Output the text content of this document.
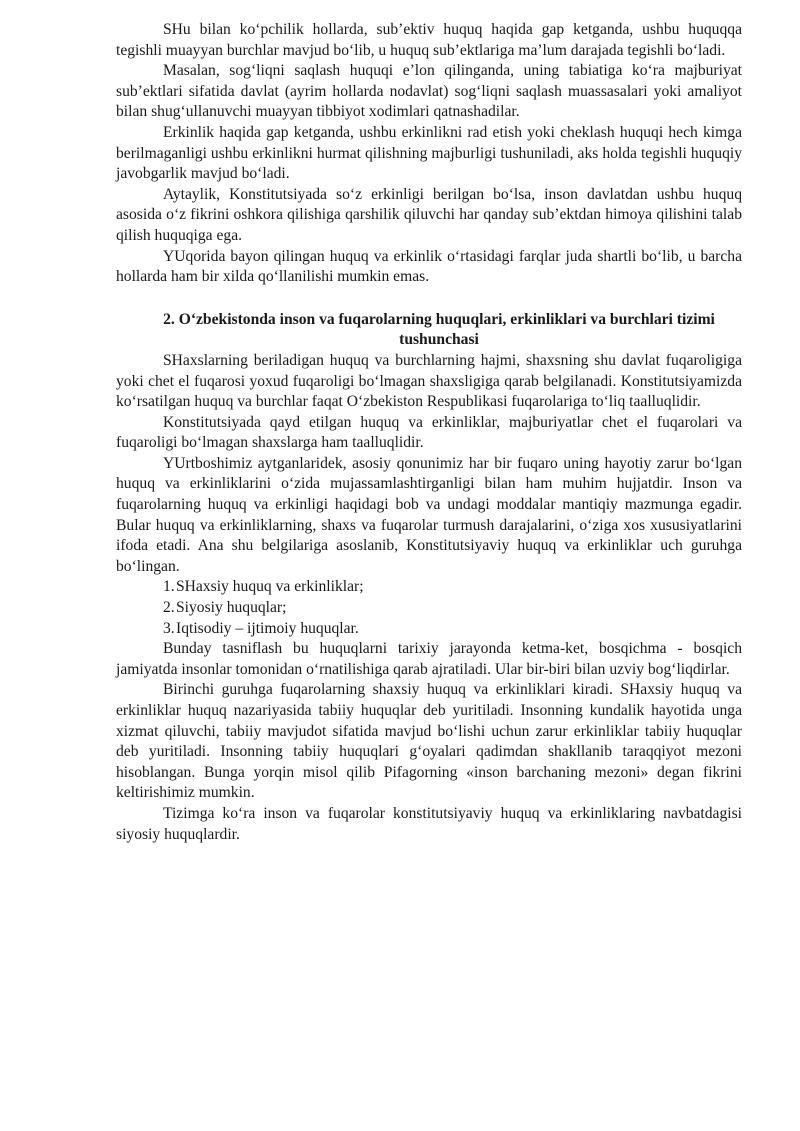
SHu bilan ko‘pchilik hollarda, sub’ektiv huquq haqida gap ketganda, ushbu huquqqa tegishli muayyan burchlar mavjud bo‘lib, u huquq sub’ektlariga ma’lum darajada tegishli bo‘ladi.

Masalan, sog‘liqni saqlash huquqi e’lon qilinganda, uning tabiatiga ko‘ra majburiyat sub’ektlari sifatida davlat (ayrim hollarda nodavlat) sog‘liqni saqlash muassasalari yoki amaliyot bilan shug‘ullanuvchi muayyan tibbiyot xodimlari qatnashadilar.

Erkinlik haqida gap ketganda, ushbu erkinlikni rad etish yoki cheklash huquqi hech kimga berilmaganligi ushbu erkinlikni hurmat qilishning majburligi tushuniladi, aks holda tegishli huquqiy javobgarlik mavjud bo‘ladi.

Aytaylik, Konstitutsiyada so‘z erkinligi berilgan bo‘lsa, inson davlatdan ushbu huquq asosida o‘z fikrini oshkora qilishiga qarshilik qiluvchi har qanday sub’ektdan himoya qilishini talab qilish huquqiga ega.

YUqorida bayon qilingan huquq va erkinlik o‘rtasidagi farqlar juda shartli bo‘lib, u barcha hollarda ham bir xilda qo‘llanilishi mumkin emas.

2. O‘zbekistonda inson va fuqarolarning huquqlari, erkinliklari va burchlari tizimi tushunchasi

SHaxslarning beriladigan huquq va burchlarning hajmi, shaxsning shu davlat fuqaroligiga yoki chet el fuqarosi yoxud fuqaroligi bo‘lmagan shaxsligiga qarab belgilanadi. Konstitutsiyamizda ko‘rsatilgan huquq va burchlar faqat O‘zbekiston Respublikasi fuqarolariga to‘liq taalluqlidir.

Konstitutsiyada qayd etilgan huquq va erkinliklar, majburiyatlar chet el fuqarolari va fuqaroligi bo‘lmagan shaxslarga ham taalluqlidir.

YUrtboshimiz aytganlaridek, asosiy qonunimiz har bir fuqaro uning hayotiy zarur bo‘lgan huquq va erkinliklarini o‘zida mujassamlashtirganligi bilan ham muhim hujjatdir. Inson va fuqarolarning huquq va erkinligi haqidagi bob va undagi moddalar mantiqiy mazmunga egadir. Bular huquq va erkinliklarning, shaxs va fuqarolar turmush darajalarini, o‘ziga xos xususiyatlarini ifoda etadi. Ana shu belgilariga asoslanib, Konstitutsiyaviy huquq va erkinliklar uch guruhga bo‘lingan.

1.SHaxsiy huquq va erkinliklar;
2.Siyosiy huquqlar;
3.Iqtisodiy – ijtimoiy huquqlar.

Bunday tasniflash bu huquqlarni tarixiy jarayonda ketma-ket, bosqichma - bosqich jamiyatda insonlar tomonidan o‘rnatilishiga qarab ajratiladi. Ular bir-biri bilan uzviy bog‘liqdirlar.

Birinchi guruhga fuqarolarning shaxsiy huquq va erkinliklari kiradi. SHaxsiy huquq va erkinliklar huquq nazariyasida tabiiy huquqlar deb yuritiladi. Insonning kundalik hayotida unga xizmat qiluvchi, tabiiy mavjudot sifatida mavjud bo‘lishi uchun zarur erkinliklar tabiiy huquqlar deb yuritiladi. Insonning tabiiy huquqlari g‘oyalari qadimdan shakllanib taraqqiyot mezoni hisoblangan. Bunga yorqin misol qilib Pifagorning «inson barchaning mezoni» degan fikrini keltirishimiz mumkin.

Tizimga ko‘ra inson va fuqarolar konstitutsiyaviy huquq va erkinliklaring navbatdagisi siyosiy huquqlardir.
